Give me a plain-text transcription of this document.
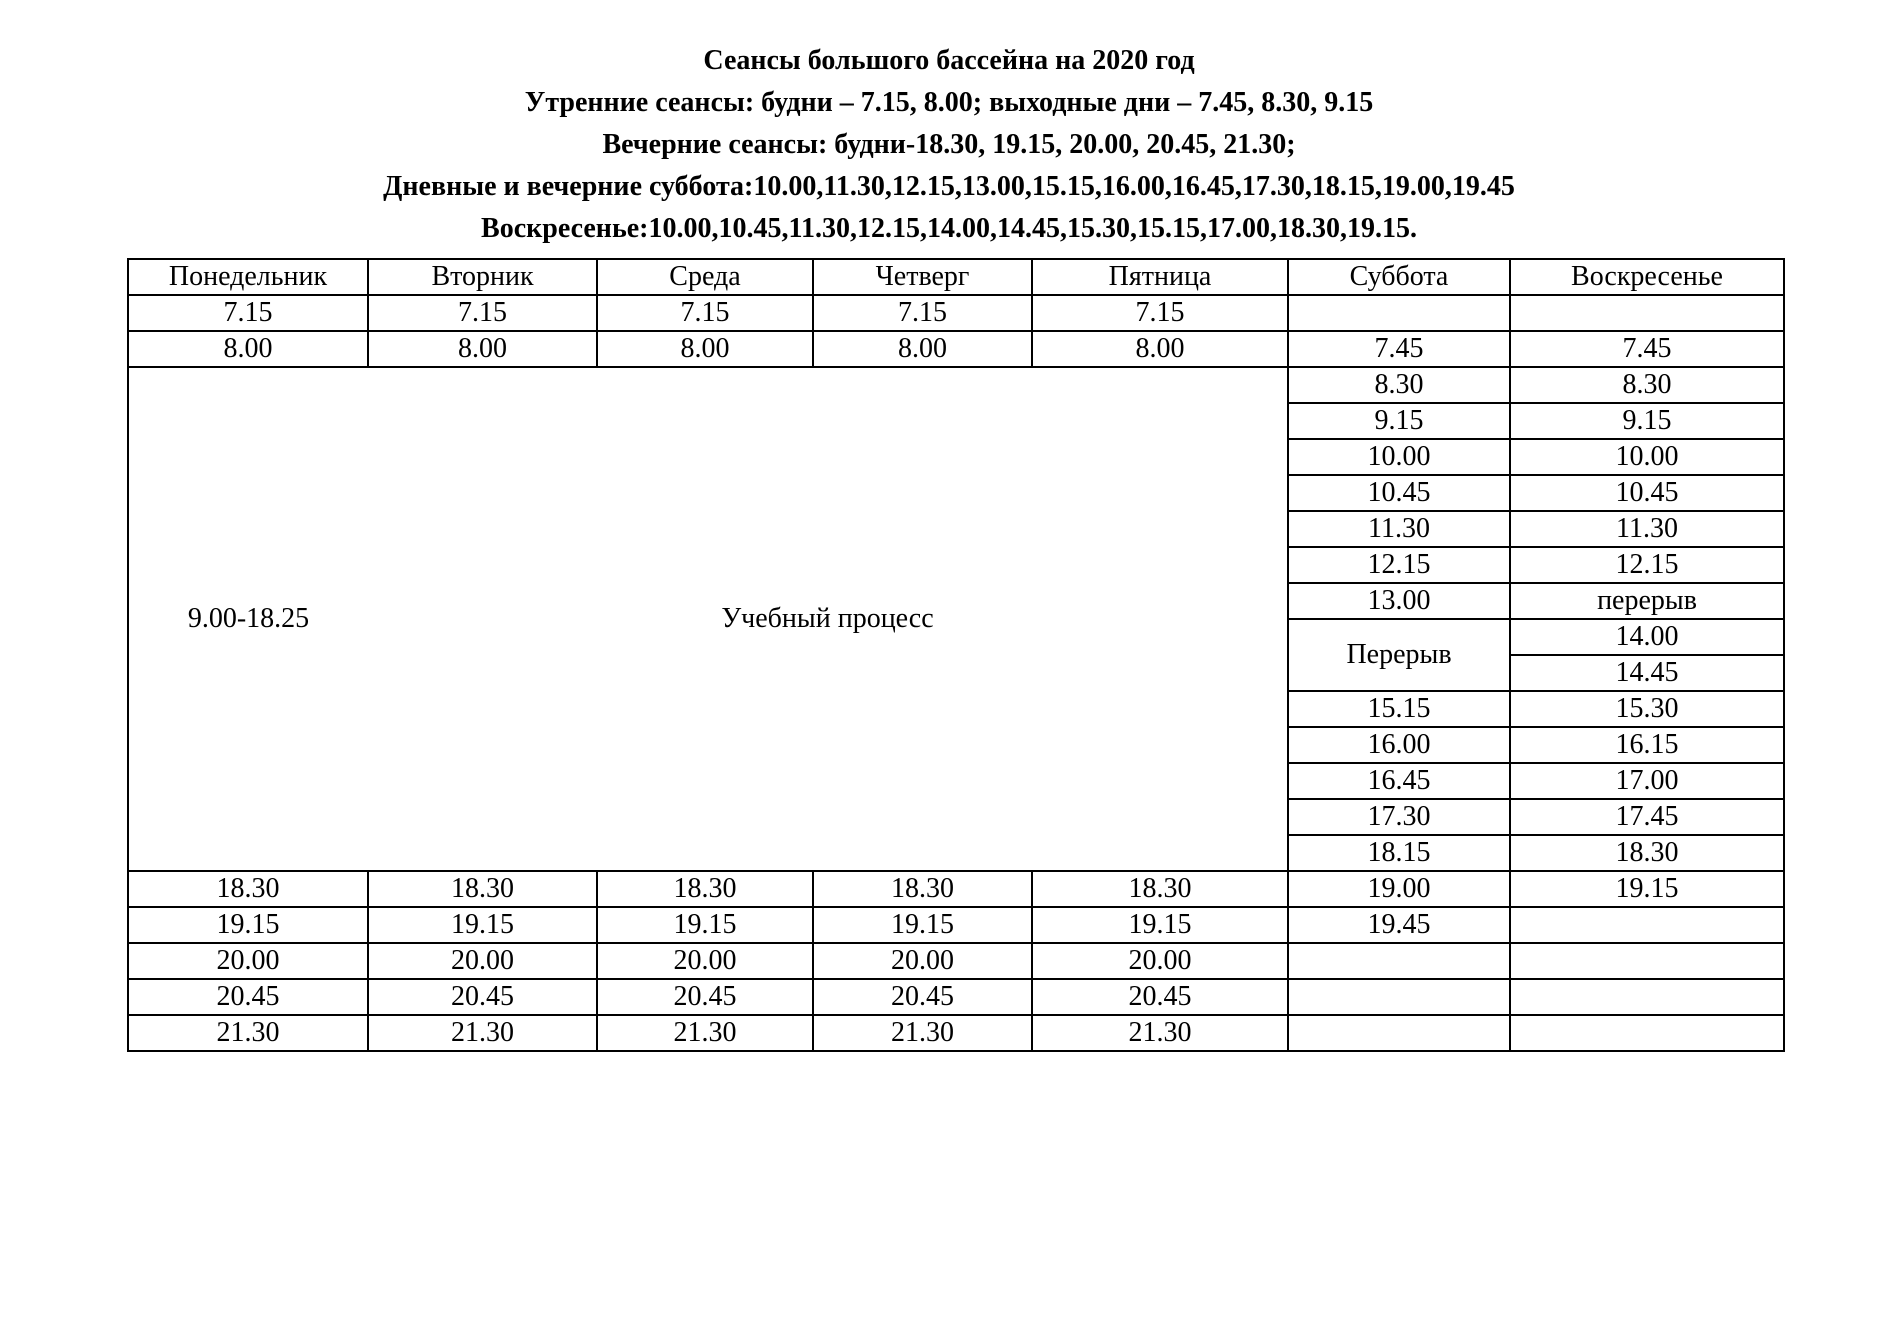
Сеансы большого бассейна на 2020 год
Утренние сеансы: будни – 7.15, 8.00; выходные дни – 7.45, 8.30, 9.15
Вечерние сеансы: будни-18.30, 19.15, 20.00, 20.45, 21.30;
Дневные и вечерние суббота:10.00,11.30,12.15,13.00,15.15,16.00,16.45,17.30,18.15,19.00,19.45
Воскресенье:10.00,10.45,11.30,12.15,14.00,14.45,15.30,15.15,17.00,18.30,19.15.
Понедельник	Вторник	Среда	Четверг	Пятница	Суббота	Воскресенье
7.15	7.15	7.15	7.15	7.15		
8.00	8.00	8.00	8.00	8.00	7.45	7.45
9.00-18.25	Учебный процесс				8.30	8.30
					9.15	9.15
					10.00	10.00
					10.45	10.45
					11.30	11.30
					12.15	12.15
					13.00	перерыв
					Перерыв	14.00
						14.45
					15.15	15.30
					16.00	16.15
					16.45	17.00
					17.30	17.45
					18.15	18.30
18.30	18.30	18.30	18.30	18.30	19.00	19.15
19.15	19.15	19.15	19.15	19.15	19.45	
20.00	20.00	20.00	20.00	20.00		
20.45	20.45	20.45	20.45	20.45		
21.30	21.30	21.30	21.30	21.30		
